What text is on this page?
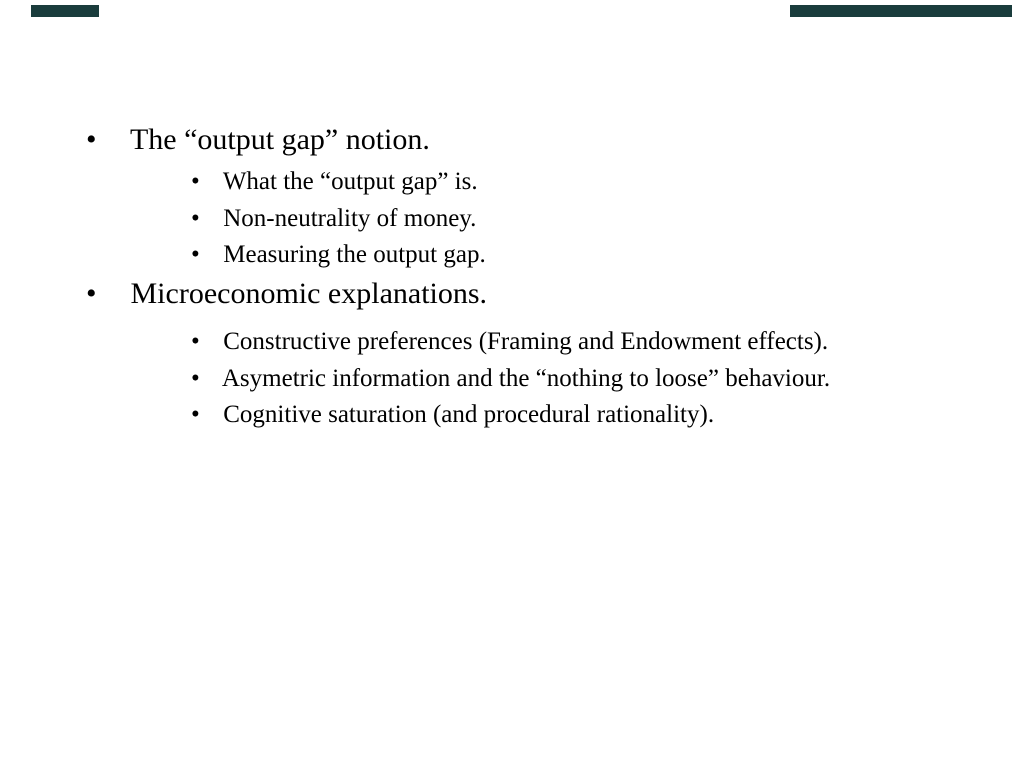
• The “output gap” notion.
• What the “output gap” is.
• Non-neutrality of money.
• Measuring the output gap.
• Microeconomic explanations.
• Constructive preferences (Framing and Endowment effects).
• Asymetric information and the “nothing to loose” behaviour.
• Cognitive saturation (and procedural rationality).
